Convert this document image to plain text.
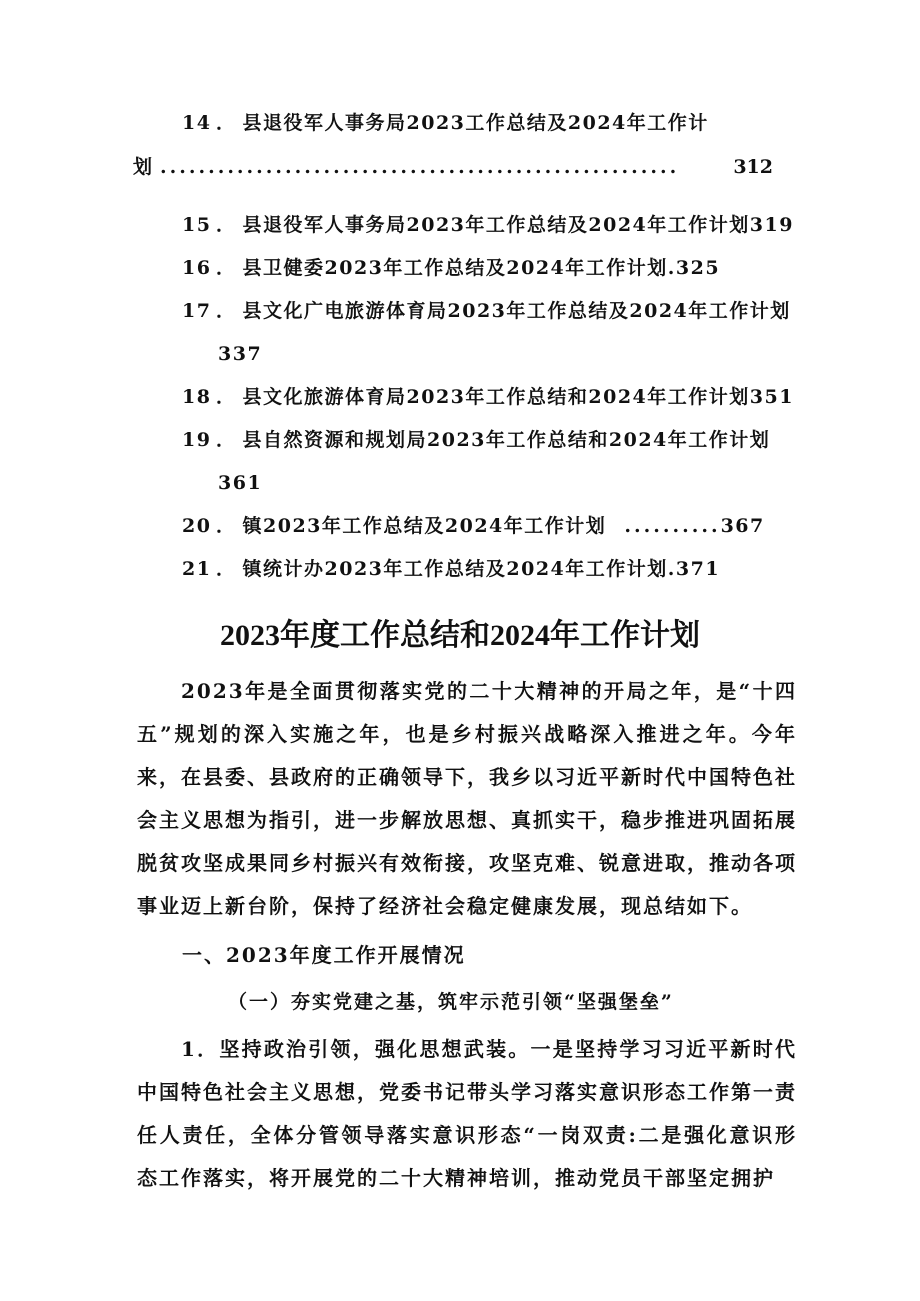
14 ． 县退役军人事务局2023工作总结及2024年工作计
划 ......................................................	312
15 ． 县退役军人事务局2023年工作总结及2024年工作计划319
16 ． 县卫健委2023年工作总结及2024年工作计划.325
17 ． 县文化广电旅游体育局2023年工作总结及2024年工作计划
337
18 ． 县文化旅游体育局2023年工作总结和2024年工作计划351
19 ． 县自然资源和规划局2023年工作总结和2024年工作计划
361
20 ． 镇2023年工作总结及2024年工作计划 ..........367
21 ． 镇统计办2023年工作总结及2024年工作计划.371
2023年度工作总结和2024年工作计划
2023年是全面贯彻落实党的二十大精神的开局之年，是“十四五”规划的深入实施之年，也是乡村振兴战略深入推进之年。今年来，在县委、县政府的正确领导下，我乡以习近平新时代中国特色社会主义思想为指引，进一步解放思想、真抓实干，稳步推进巩固拓展脱贫攻坚成果同乡村振兴有效衔接，攻坚克难、锐意进取，推动各项事业迈上新台阶，保持了经济社会稳定健康发展，现总结如下。
一、2023年度工作开展情况
（一）夯实党建之基，筑牢示范引领“坚强堡垒”
1．坚持政治引领，强化思想武装。一是坚持学习习近平新时代中国特色社会主义思想，党委书记带头学习落实意识形态工作第一责任人责任，全体分管领导落实意识形态“一岗双责:二是强化意识形态工作落实，将开展党的二十大精神培训，推动党员干部坚定拥护
